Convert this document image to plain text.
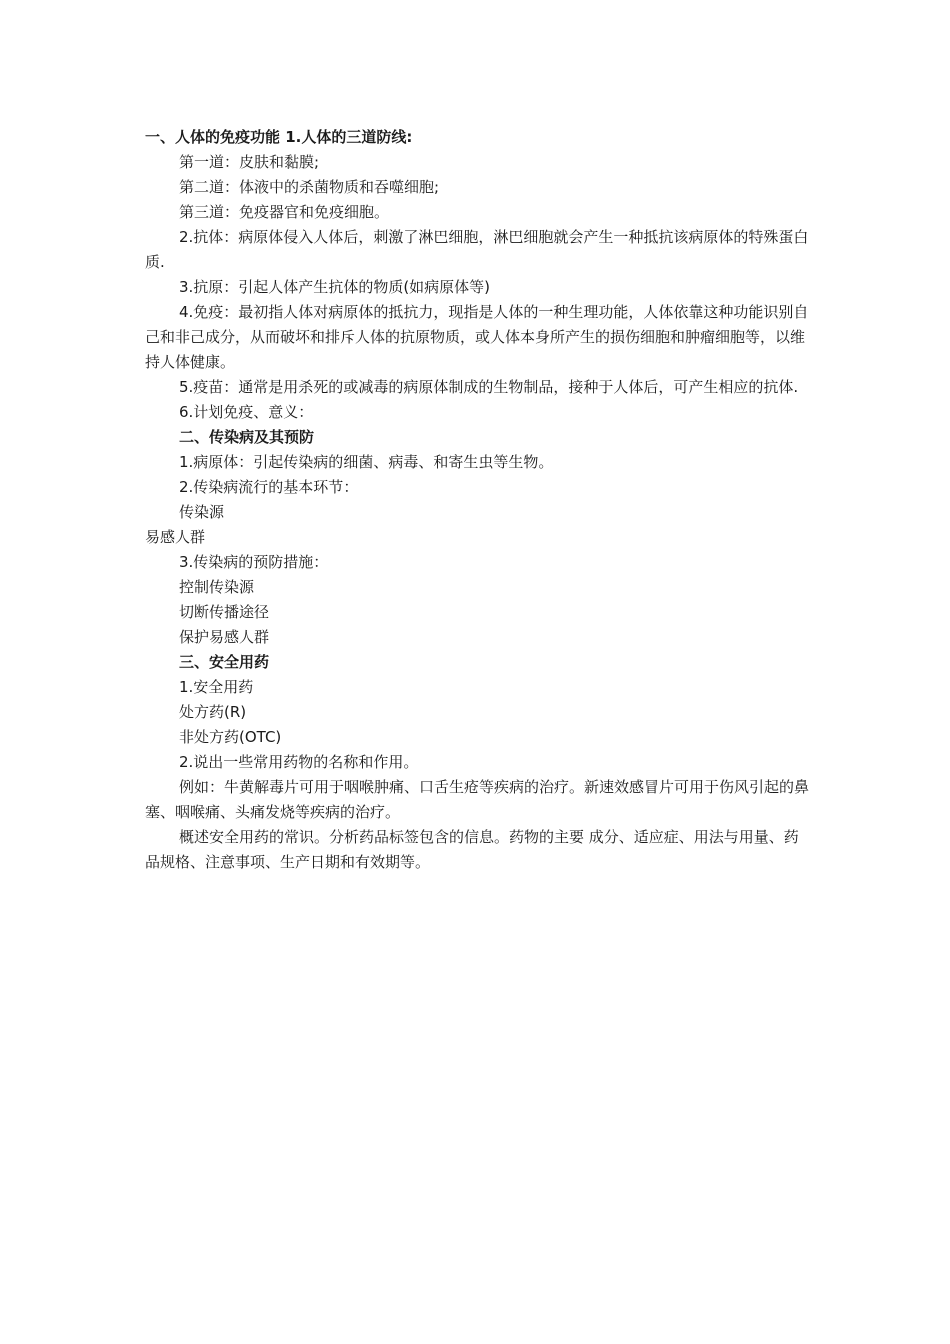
一、人体的免疫功能 1.人体的三道防线:

第一道：皮肤和黏膜;

第二道：体液中的杀菌物质和吞噬细胞;

第三道：免疫器官和免疫细胞。

2.抗体：病原体侵入人体后，刺激了淋巴细胞，淋巴细胞就会产生一种抵抗该病原体的特殊蛋白质.

3.抗原：引起人体产生抗体的物质(如病原体等)

4.免疫：最初指人体对病原体的抵抗力，现指是人体的一种生理功能，人体依靠这种功能识别自己和非己成分，从而破坏和排斥人体的抗原物质，或人体本身所产生的损伤细胞和肿瘤细胞等，以维持人体健康。

5.疫苗：通常是用杀死的或减毒的病原体制成的生物制品，接种于人体后，可产生相应的抗体.

6.计划免疫、意义：

二、传染病及其预防

1.病原体：引起传染病的细菌、病毒、和寄生虫等生物。

2.传染病流行的基本环节：

传染源

易感人群

3.传染病的预防措施：

控制传染源

切断传播途径

保护易感人群

三、安全用药

1.安全用药

处方药(R)

非处方药(OTC)

2.说出一些常用药物的名称和作用。

例如：牛黄解毒片可用于咽喉肿痛、口舌生疮等疾病的治疗。新速效感冒片可用于伤风引起的鼻塞、咽喉痛、头痛发烧等疾病的治疗。

概述安全用药的常识。分析药品标签包含的信息。药物的主要 成分、适应症、用法与用量、药品规格、注意事项、生产日期和有效期等。
